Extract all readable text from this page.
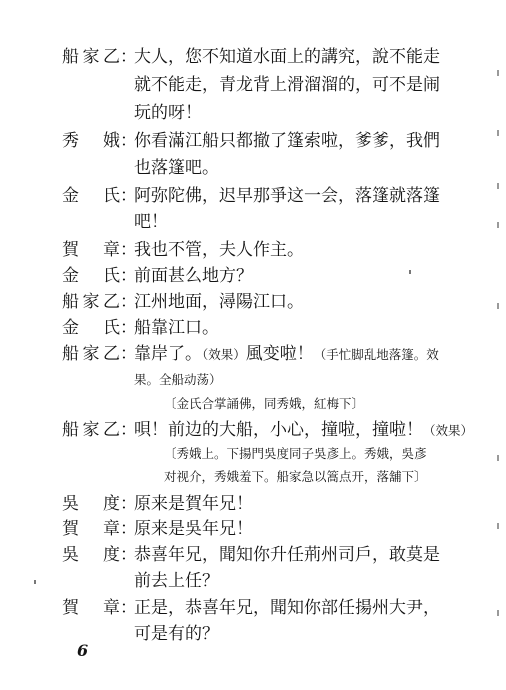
船家乙 ：
大人，您不知道水面上的講究，說不能走
就不能走，青龙背上滑溜溜的，可不是闹
玩的呀！
秀　娥 ：
你看滿江船只都撤了篷索啦，爹爹，我們
也落篷吧。
金　氏 ：
阿弥陀佛，迟早那爭这一会，落篷就落篷
吧！
賀　章 ：
我也不管，夫人作主。
金　氏 ：
前面甚么地方？
船家乙 ：
江州地面，潯陽江口。
金　氏 ：
船靠江口。
船家乙 ：
靠岸了。（效果）風变啦！（手忙脚乱地落篷。效
果。全船动荡）
〔金氏合掌誦佛，同秀娥，紅梅下〕
船家乙 ：
唄！前边的大船，小心，撞啦，撞啦！（效果）
〔秀娥上。下揚門吳度同子吳彥上。秀娥，吳彥
对视介，秀娥羞下。船家急以篙点开，落舖下〕
吳　度 ：
原来是賀年兄！
賀　章 ：
原来是吳年兄！
吳　度 ：
恭喜年兄，聞知你升任荊州司戶，敢莫是
前去上任？
賀　章 ：
正是，恭喜年兄，聞知你部任揚州大尹，
可是有的？
6
